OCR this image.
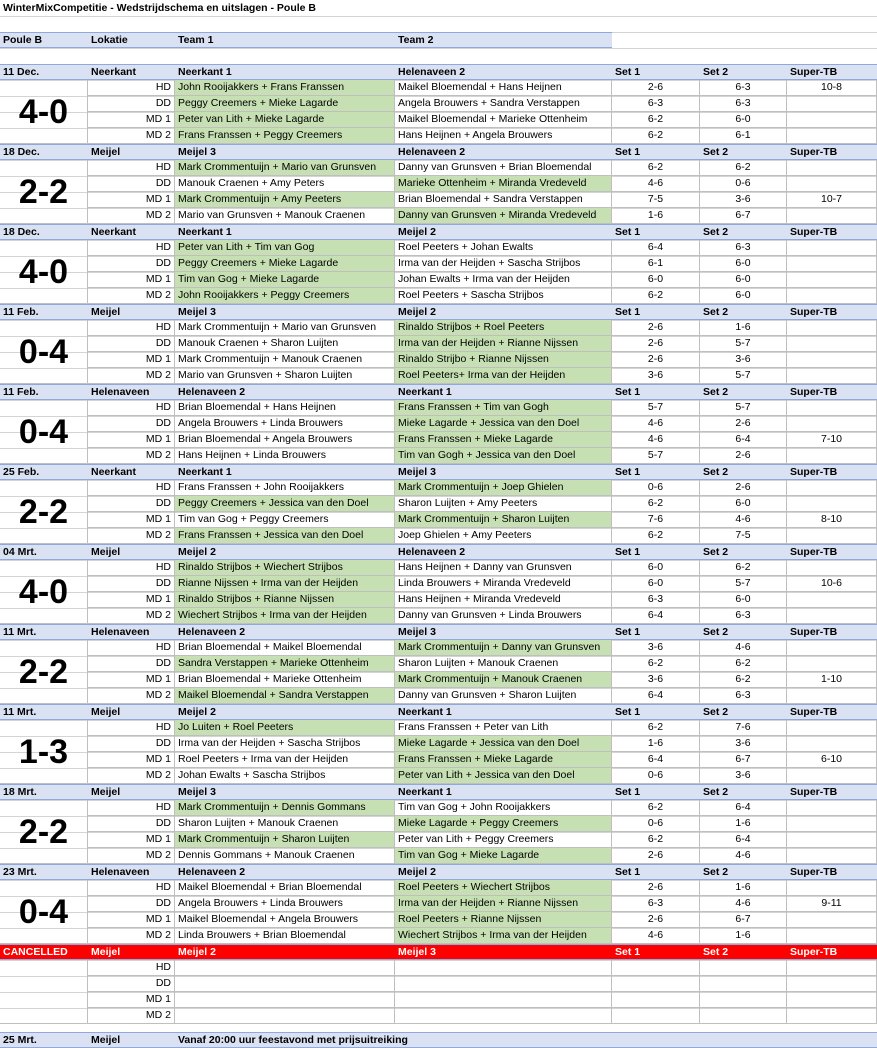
WinterMixCompetitie - Wedstrijdschema en uitslagen - Poule B
Poule B	Lokatie	Team 1	Team 2
11 Dec.	Neerkant	Neerkant 1	Helenaveen 2	Set 1	Set 2	Super-TB
4-0
HD John Rooijakkers + Frans Franssen	Maikel Bloemendal + Hans Heijnen	2-6	6-3	10-8
DD Peggy Creemers + Mieke Lagarde	Angela Brouwers + Sandra Verstappen	6-3	6-3
MD 1 Peter van Lith + Mieke Lagarde	Maikel Bloemendal + Marieke Ottenheim	6-2	6-0
MD 2 Frans Franssen + Peggy Creemers	Hans Heijnen + Angela Brouwers	6-2	6-1
18 Dec.	Meijel	Meijel 3	Helenaveen 2	Set 1	Set 2	Super-TB
2-2
HD Mark Crommentuijn + Mario van Grunsven	Danny van Grunsven + Brian Bloemendal	6-2	6-2
DD Manouk Craenen + Amy Peters	Marieke Ottenheim + Miranda Vredeveld	4-6	0-6
MD 1 Mark Crommentuijn + Amy Peeters	Brian Bloemendal + Sandra Verstappen	7-5	3-6	10-7
MD 2 Mario van Grunsven + Manouk Craenen	Danny van Grunsven + Miranda Vredeveld	1-6	6-7
18 Dec.	Neerkant	Neerkant 1	Meijel 2	Set 1	Set 2	Super-TB
4-0
HD Peter van Lith + Tim van Gog	Roel Peeters + Johan Ewalts	6-4	6-3
DD Peggy Creemers + Mieke Lagarde	Irma van der Heijden + Sascha Strijbos	6-1	6-0
MD 1 Tim van Gog + Mieke Lagarde	Johan Ewalts + Irma van der Heijden	6-0	6-0
MD 2 John Rooijakkers + Peggy Creemers	Roel Peeters + Sascha Strijbos	6-2	6-0
11 Feb.	Meijel	Meijel 3	Meijel 2	Set 1	Set 2	Super-TB
0-4
HD Mark Crommentuijn + Mario van Grunsven	Rinaldo Strijbos + Roel Peeters	2-6	1-6
DD Manouk Craenen + Sharon Luijten	Irma van der Heijden + Rianne Nijssen	2-6	5-7
MD 1 Mark Crommentuijn + Manouk Craenen	Rinaldo Strijbo + Rianne Nijssen	2-6	3-6
MD 2 Mario van Grunsven + Sharon Luijten	Roel Peeters+ Irma van der Heijden	3-6	5-7
11 Feb.	Helenaveen	Helenaveen 2	Neerkant 1	Set 1	Set 2	Super-TB
0-4
HD Brian Bloemendal + Hans Heijnen	Frans Franssen + Tim van Gogh	5-7	5-7
DD Angela Brouwers + Linda Brouwers	Mieke Lagarde + Jessica van den Doel	4-6	2-6
MD 1 Brian Bloemendal + Angela Brouwers	Frans Franssen + Mieke Lagarde	4-6	6-4	7-10
MD 2 Hans Heijnen + Linda Brouwers	Tim van Gogh + Jessica van den Doel	5-7	2-6
25 Feb.	Neerkant	Neerkant 1	Meijel 3	Set 1	Set 2	Super-TB
2-2
HD Frans Franssen + John Rooijakkers	Mark Crommentuijn + Joep Ghielen	0-6	2-6
DD Peggy Creemers + Jessica van den Doel	Sharon Luijten + Amy Peeters	6-2	6-0
MD 1 Tim van Gog + Peggy Creemers	Mark Crommentuijn + Sharon Luijten	7-6	4-6	8-10
MD 2 Frans Franssen + Jessica van den Doel	Joep Ghielen + Amy Peeters	6-2	7-5
04 Mrt.	Meijel	Meijel 2	Helenaveen 2	Set 1	Set 2	Super-TB
4-0
HD Rinaldo Strijbos + Wiechert Strijbos	Hans Heijnen + Danny van Grunsven	6-0	6-2
DD Rianne Nijssen + Irma van der Heijden	Linda Brouwers + Miranda Vredeveld	6-0	5-7	10-6
MD 1 Rinaldo Strijbos + Rianne Nijssen	Hans Heijnen + Miranda Vredeveld	6-3	6-0
MD 2 Wiechert Strijbos + Irma van der Heijden	Danny van Grunsven + Linda Brouwers	6-4	6-3
11 Mrt.	Helenaveen	Helenaveen 2	Meijel 3	Set 1	Set 2	Super-TB
2-2
HD Brian Bloemendal + Maikel Bloemendal	Mark Crommentuijn + Danny van Grunsven	3-6	4-6
DD Sandra Verstappen + Marieke Ottenheim	Sharon Luijten + Manouk Craenen	6-2	6-2
MD 1 Brian Bloemendal + Marieke Ottenheim	Mark Crommentuijn + Manouk Craenen	3-6	6-2	1-10
MD 2 Maikel Bloemendal + Sandra Verstappen	Danny van Grunsven + Sharon Luijten	6-4	6-3
11 Mrt.	Meijel	Meijel 2	Neerkant 1	Set 1	Set 2	Super-TB
1-3
HD Jo Luiten + Roel Peeters	Frans Franssen + Peter van Lith	6-2	7-6
DD Irma van der Heijden + Sascha Strijbos	Mieke Lagarde + Jessica van den Doel	1-6	3-6
MD 1 Roel Peeters + Irma van der Heijden	Frans Franssen + Mieke Lagarde	6-4	6-7	6-10
MD 2 Johan Ewalts + Sascha Strijbos	Peter van Lith + Jessica van den Doel	0-6	3-6
18 Mrt.	Meijel	Meijel 3	Neerkant 1	Set 1	Set 2	Super-TB
2-2
HD Mark Crommentuijn + Dennis Gommans	Tim van Gog + John Rooijakkers	6-2	6-4
DD Sharon Luijten + Manouk Craenen	Mieke Lagarde + Peggy Creemers	0-6	1-6
MD 1 Mark Crommentuijn + Sharon Luijten	Peter van Lith + Peggy Creemers	6-2	6-4
MD 2 Dennis Gommans + Manouk Craenen	Tim van Gog + Mieke Lagarde	2-6	4-6
23 Mrt.	Helenaveen	Helenaveen 2	Meijel 2	Set 1	Set 2	Super-TB
0-4
HD Maikel Bloemendal + Brian Bloemendal	Roel Peeters + Wiechert Strijbos	2-6	1-6
DD Angela Brouwers + Linda Brouwers	Irma van der Heijden + Rianne Nijssen	6-3	4-6	9-11
MD 1 Maikel Bloemendal + Angela Brouwers	Roel Peeters + Rianne Nijssen	2-6	6-7
MD 2 Linda Brouwers + Brian Bloemendal	Wiechert Strijbos + Irma van der Heijden	4-6	1-6
CANCELLED	Meijel	Meijel 2	Meijel 3	Set 1	Set 2	Super-TB
HD
DD
MD 1
MD 2
25 Mrt.	Meijel	Vanaf 20:00 uur feestavond met prijsuitreiking
